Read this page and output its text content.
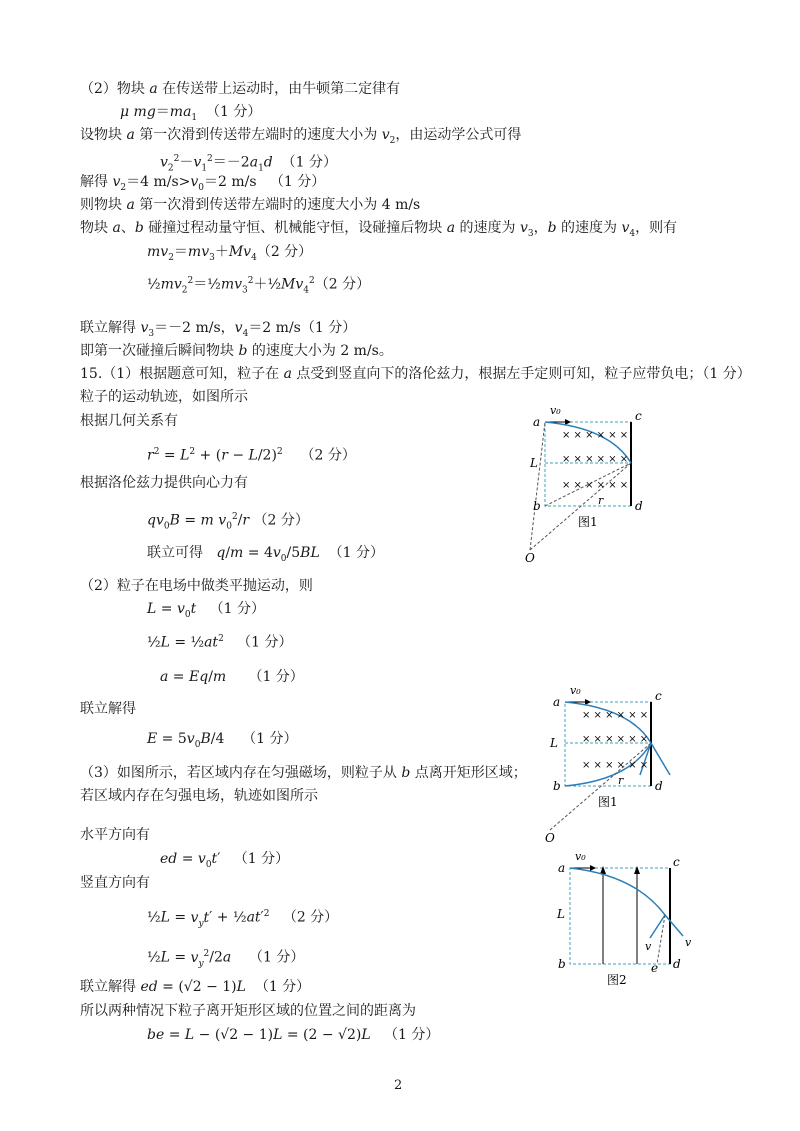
（2）物块 a 在传送带上运动时，由牛顿第二定律有
μ $mg=ma_1$  （1 分）
设物块 a 第一次滑到传送带左端时的速度大小为 $v_2$，由运动学公式可得
$v_2^2-v_1^2=-2a_1d$  （1 分）
解得 $v_2=4$ $m/s>v_0=2$ m/s   （1 分）
则物块 a 第一次滑到传送带左端时的速度大小为 4 m/s
物块 a、b 碰撞过程动量守恒、机械能守恒，设碰撞后物块 a 的速度为 $v_3$，b 的速度为 $v_4$，则有
$mv_2=mv_3+Mv_4(2$ 分）
$\frac{1}{2}mv_2^2=\frac{1}{2}mv_3^2+\frac{1}{2}Mv_4^2(2$ 分）
联立解得 $v_3=-2$ m/s，$v_4=2$ m/s（1 分）
即第一次碰撞后瞬间物块 b 的速度大小为 2 m/s。
15.（1）根据题意可知，粒子在 a 点受到竖直向下的洛伦兹力，根据左手定则可知，粒子应带负电；（1 分）
粒子的运动轨迹，如图所示
根据几何关系有
$r^2 = L^2 + (r - L/2)^2$    （2 分）
根据洛伦兹力提供向心力有
$qv_0B = m$ $v_0^2/r$ （2 分）
联立可得   $q/m = 4v_0/5BL$  （1 分）
（2）粒子在电场中做类平抛运动，则
$L = v_0t$   （1 分）
½L = $\frac{1}{2}at^2$   （1 分）
a = Eq/m     （1 分）
联立解得
$E = 5v_0B/4$    （1 分）
（3）如图所示，若区域内存在匀强磁场，则粒子从 b 点离开矩形区域；
若区域内存在匀强电场，轨迹如图所示
水平方向有
ed = $v_0t'$   （1 分）
竖直方向有
½L = $v_yt'$ + $\frac{1}{2}at'^2$   （2 分）
½L = $v_y^2/2a$    （1 分）
联立解得 ed = (√2 − 1)L  （1 分）
所以两种情况下粒子离开矩形区域的位置之间的距离为
be = L − (√2 − 1)L = (2 − √2)L   （1 分）
× × × × × ×
× × × × × ×
× × × × × ×
a
L
b
c
d
v₀
r
O
图1
× × × × × ×
× × × × × ×
× × × × × ×
a
L
b
c
d
v₀
r
O
图1
a
L
b
c
d
v₀
e
v	v
图2
2
